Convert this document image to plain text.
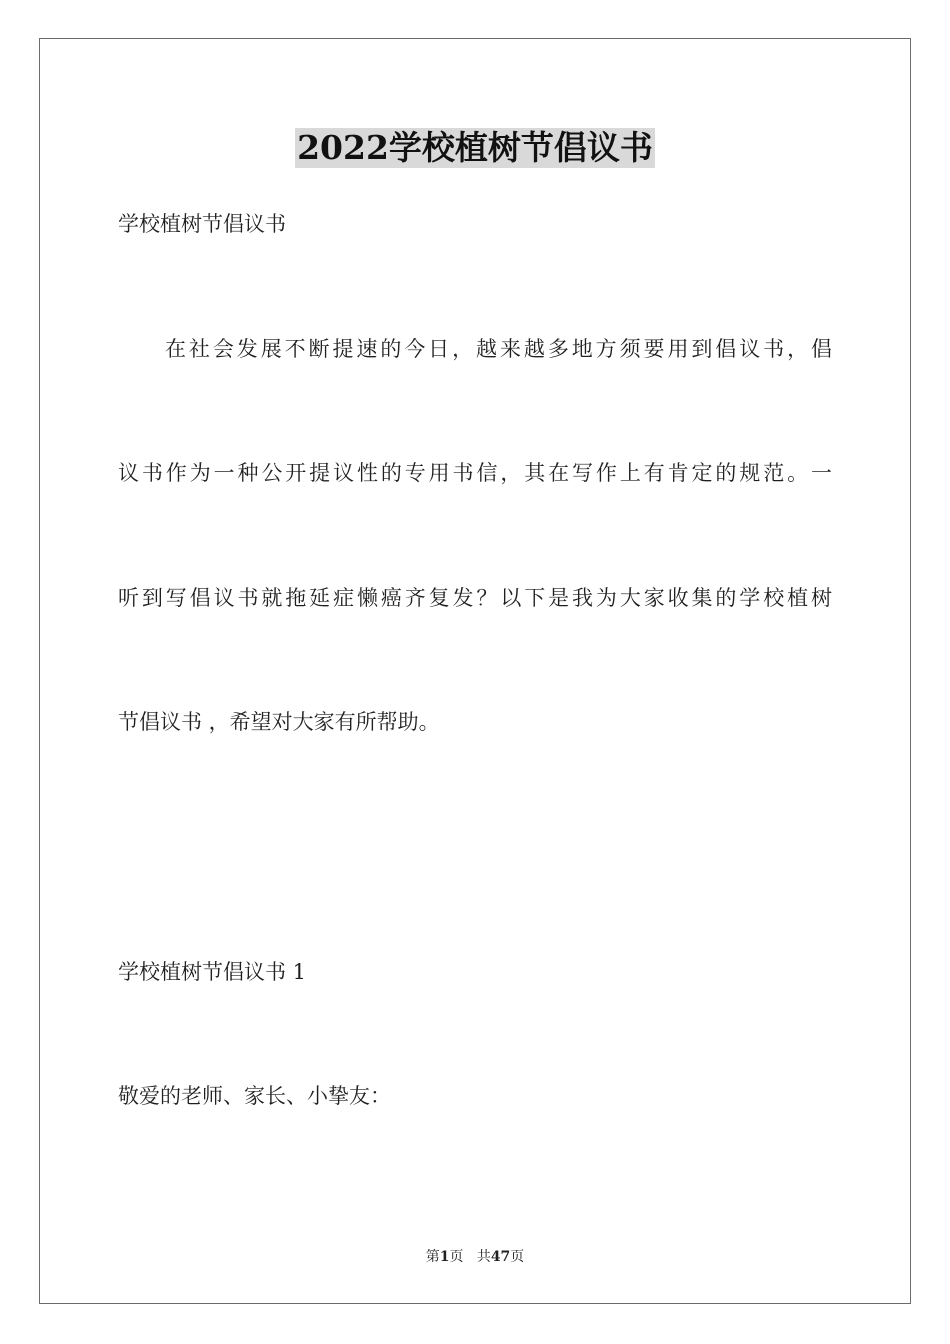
2022学校植树节倡议书
学校植树节倡议书
在社会发展不断提速的今日，越来越多地方须要用到倡议书，倡
议书作为一种公开提议性的专用书信，其在写作上有肯定的规范。一
听到写倡议书就拖延症懒癌齐复发？以下是我为大家收集的学校植树
节倡议书 ，希望对大家有所帮助。
学校植树节倡议书 1
敬爱的老师、家长、小挚友：
第1页 共47页
